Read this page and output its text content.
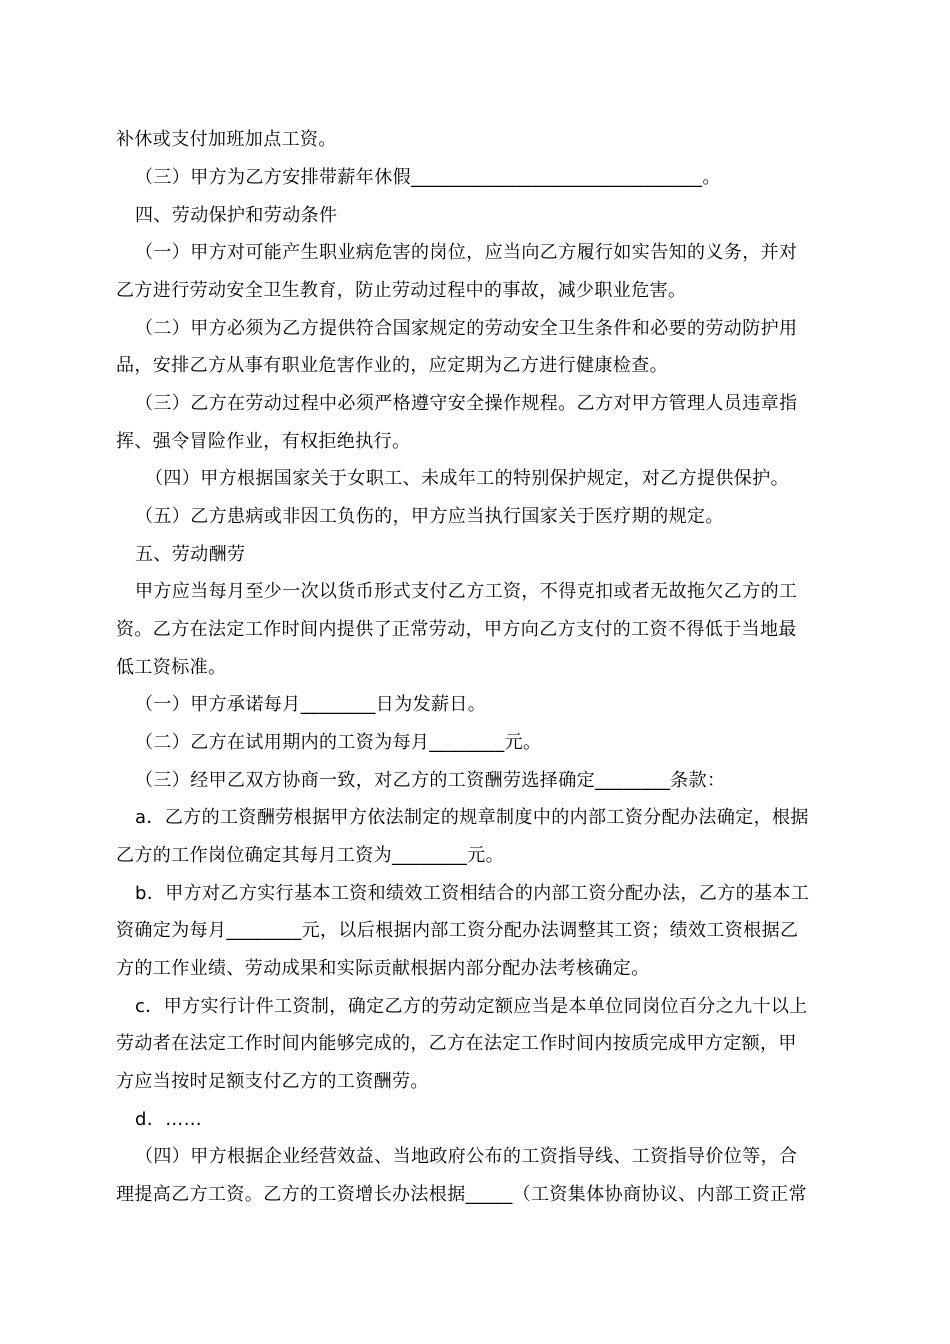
补休或支付加班加点工资。
（三）甲方为乙方安排带薪年休假_______________________________。
四、劳动保护和劳动条件
（一）甲方对可能产生职业病危害的岗位，应当向乙方履行如实告知的义务，并对
乙方进行劳动安全卫生教育，防止劳动过程中的事故，减少职业危害。
（二）甲方必须为乙方提供符合国家规定的劳动安全卫生条件和必要的劳动防护用
品，安排乙方从事有职业危害作业的，应定期为乙方进行健康检查。
（三）乙方在劳动过程中必须严格遵守安全操作规程。乙方对甲方管理人员违章指
挥、强令冒险作业，有权拒绝执行。
（四）甲方根据国家关于女职工、未成年工的特别保护规定，对乙方提供保护。
（五）乙方患病或非因工负伤的，甲方应当执行国家关于医疗期的规定。
五、劳动酬劳
甲方应当每月至少一次以货币形式支付乙方工资，不得克扣或者无故拖欠乙方的工
资。乙方在法定工作时间内提供了正常劳动，甲方向乙方支付的工资不得低于当地最
低工资标准。
（一）甲方承诺每月________日为发薪日。
（二）乙方在试用期内的工资为每月________元。
（三）经甲乙双方协商一致，对乙方的工资酬劳选择确定________条款：
a．乙方的工资酬劳根据甲方依法制定的规章制度中的内部工资分配办法确定，根据
乙方的工作岗位确定其每月工资为________元。
b．甲方对乙方实行基本工资和绩效工资相结合的内部工资分配办法，乙方的基本工
资确定为每月________元，以后根据内部工资分配办法调整其工资；绩效工资根据乙
方的工作业绩、劳动成果和实际贡献根据内部分配办法考核确定。
c．甲方实行计件工资制，确定乙方的劳动定额应当是本单位同岗位百分之九十以上
劳动者在法定工作时间内能够完成的，乙方在法定工作时间内按质完成甲方定额，甲
方应当按时足额支付乙方的工资酬劳。
d．……
（四）甲方根据企业经营效益、当地政府公布的工资指导线、工资指导价位等，合
理提高乙方工资。乙方的工资增长办法根据_____（工资集体协商协议、内部工资正常
